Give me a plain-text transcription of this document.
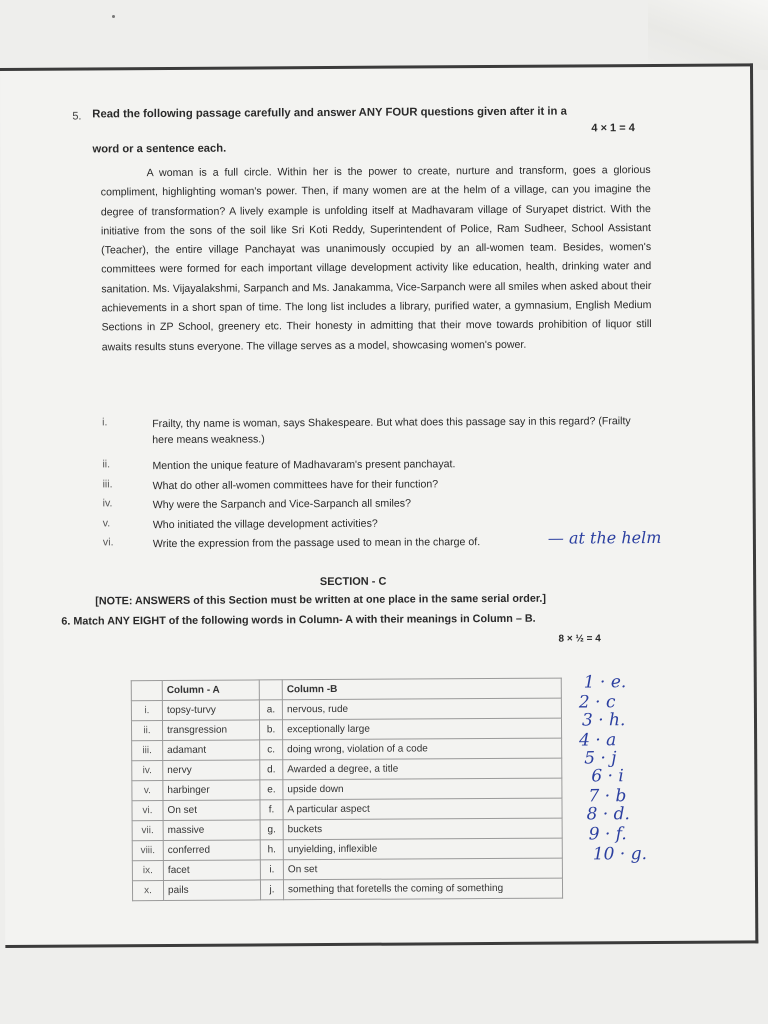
5. Read the following passage carefully and answer ANY FOUR questions given after it in a
4 × 1 = 4
word or a sentence each.

A woman is a full circle. Within her is the power to create, nurture and transform, goes a glorious compliment, highlighting woman's power. Then, if many women are at the helm of a village, can you imagine the degree of transformation? A lively example is unfolding itself at Madhavaram village of Suryapet district. With the initiative from the sons of the soil like Sri Koti Reddy, Superintendent of Police, Ram Sudheer, School Assistant (Teacher), the entire village Panchayat was unanimously occupied by an all-women team. Besides, women's committees were formed for each important village development activity like education, health, drinking water and sanitation. Ms. Vijayalakshmi, Sarpanch and Ms. Janakamma, Vice-Sarpanch were all smiles when asked about their achievements in a short span of time. The long list includes a library, purified water, a gymnasium, English Medium Sections in ZP School, greenery etc. Their honesty in admitting that their move towards prohibition of liquor still awaits results stuns everyone. The village serves as a model, showcasing women's power.

i.	Frailty, thy name is woman, says Shakespeare. But what does this passage say in this regard? (Frailty here means weakness.)
ii.	Mention the unique feature of Madhavaram's present panchayat.
iii.	What do other all-women committees have for their function?
iv.	Why were the Sarpanch and Vice-Sarpanch all smiles?
v.	Who initiated the village development activities?
vi.	Write the expression from the passage used to mean in the charge of.	— at the helm
SECTION - C
[NOTE: ANSWERS of this Section must be written at one place in the same serial order.]
6. Match ANY EIGHT of the following words in Column- A with their meanings in Column – B.
8 × ½ = 4
	Column - A		Column -B
i.	topsy-turvy	a.	nervous, rude
ii.	transgression	b.	exceptionally large
iii.	adamant	c.	doing wrong, violation of a code
iv.	nervy	d.	Awarded a degree, a title
v.	harbinger	e.	upside down
vi.	On set	f.	A particular aspect
vii.	massive	g.	buckets
viii.	conferred	h.	unyielding, inflexible
ix.	facet	i.	On set
x.	pails	j.	something that foretells the coming of something
1 · e.
2 · c
3 · h.
4 · a
5 · j
6 · i
7 · b
8 · d.
9 · f.
10 · g.
